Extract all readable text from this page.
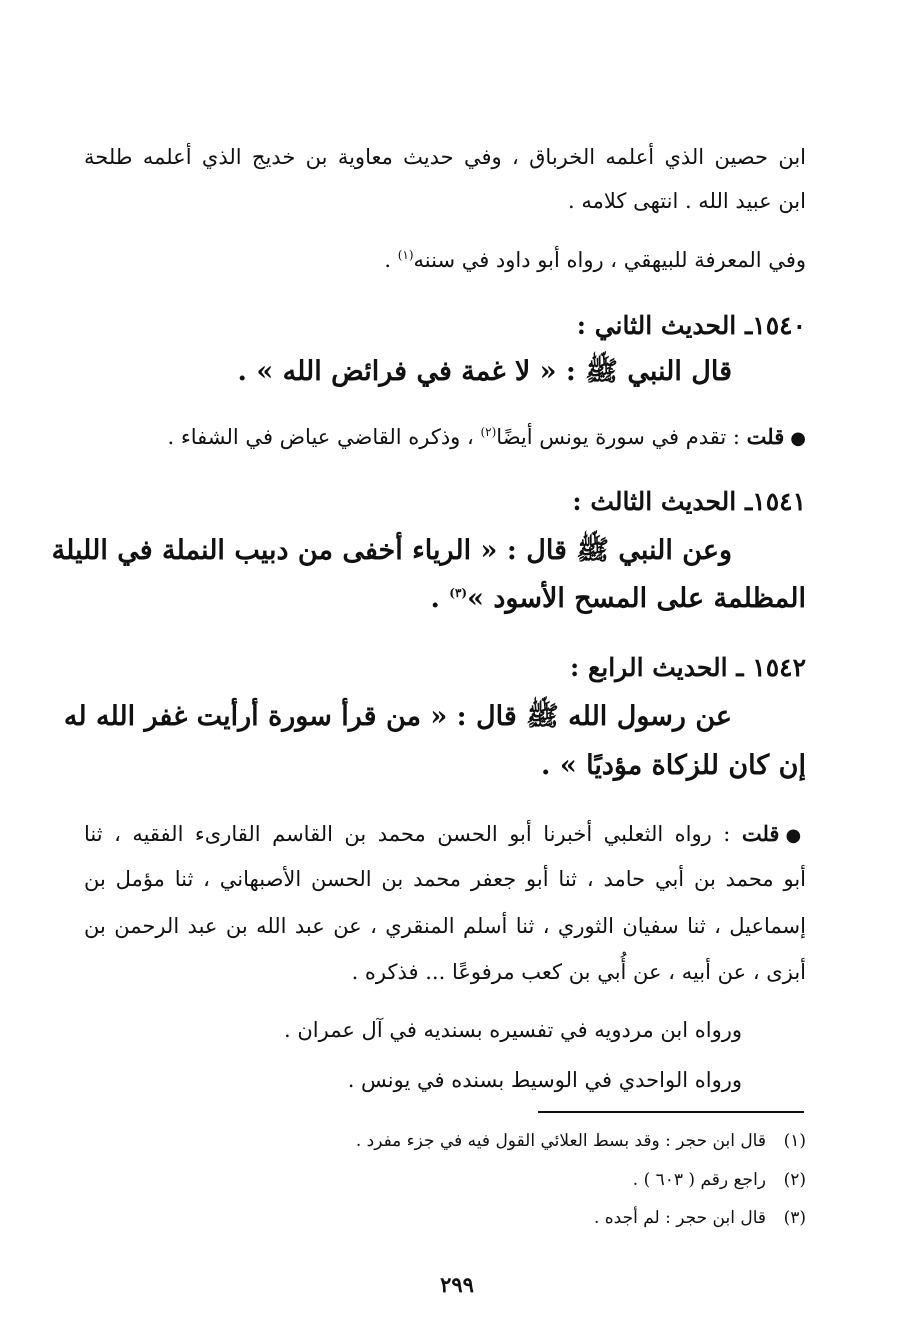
ابن حصين الذي أعلمه الخرباق ، وفي حديث معاوية بن خديج الذي أعلمه طلحة
ابن عبيد الله . انتهى كلامه .
وفي المعرفة للبيهقي ، رواه أبو داود في سننه$^{(١)}$ .
١٥٤٠ـ الحديث الثاني :
قال النبي ﷺ : « لا غمة في فرائض الله » .
●قلت : تقدم في سورة يونس أيضًا$^{(٢)}$ ، وذكره القاضي عياض في الشفاء .
١٥٤١ـ الحديث الثالث :
وعن النبي ﷺ قال : « الرياء أخفى من دبيب النملة في الليلة
المظلمة على المسح الأسود »$^{(٣)}$ .
١٥٤٢ ـ الحديث الرابع :
عن رسول الله ﷺ قال : « من قرأ سورة أرأيت غفر الله له
إن كان للزكاة مؤديًا » .
●قلت : رواه الثعلبي أخبرنا أبو الحسن محمد بن القاسم القارىء الفقيه ، ثنا
أبو محمد بن أبي حامد ، ثنا أبو جعفر محمد بن الحسن الأصبهاني ، ثنا مؤمل بن
إسماعيل ، ثنا سفيان الثوري ، ثنا أسلم المنقري ، عن عبد الله بن عبد الرحمن بن
أبزى ، عن أبيه ، عن أُبي بن كعب مرفوعًا ... فذكره .
ورواه ابن مردويه في تفسيره بسنديه في آل عمران .
ورواه الواحدي في الوسيط بسنده في يونس .
(١)قال ابن حجر : وقد بسط العلائي القول فيه في جزء مفرد .
(٢)راجع رقم ( ٦٠٣ ) .
(٣)قال ابن حجر : لم أجده .
٢٩٩
